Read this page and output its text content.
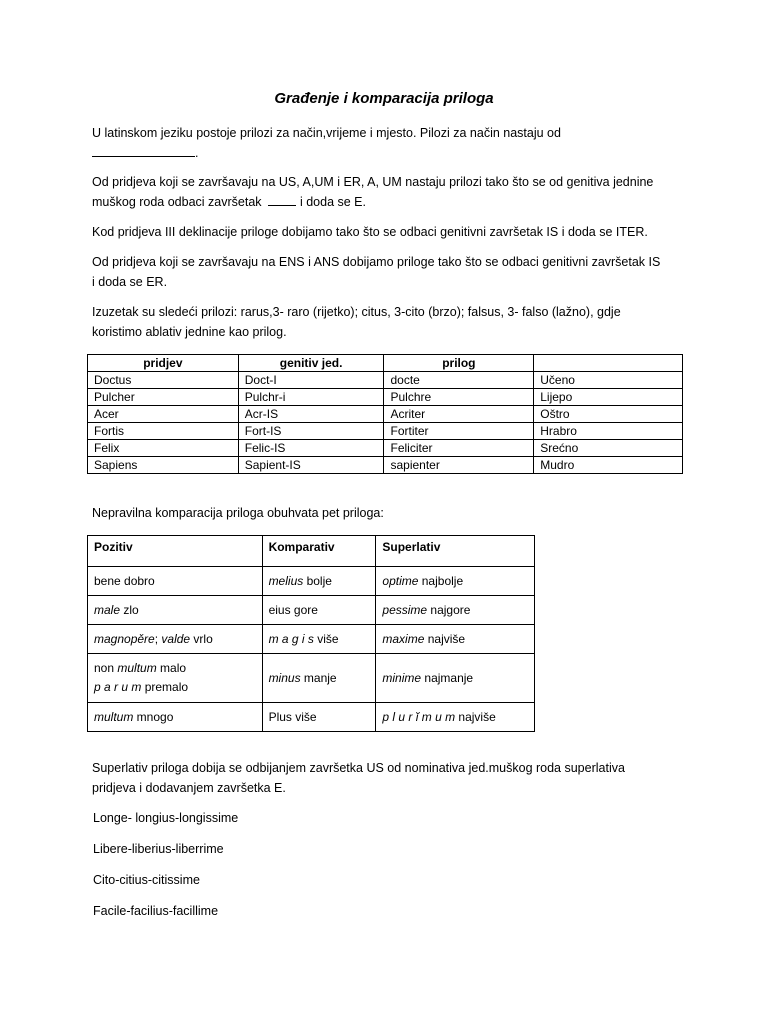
Građenje i komparacija priloga
U latinskom jeziku postoje prilozi za način,vrijeme i mjesto. Pilozi za način nastaju od
.
Od pridjeva koji se završavaju na US, A,UM i ER, A, UM nastaju prilozi tako što se od genitiva jednine
muškog roda odbaci završetak	i doda se E.
Kod pridjeva III deklinacije priloge dobijamo tako što se odbaci genitivni završetak IS i doda se ITER.
Od pridjeva koji se završavaju na ENS i ANS dobijamo priloge tako što se odbaci genitivni završetak IS
i doda se ER.
Izuzetak su sledeći prilozi: rarus,3- raro (rijetko); citus, 3-cito (brzo); falsus, 3- falso (lažno), gdje
koristimo ablativ jednine kao prilog.
pridjev	genitiv jed.	prilog	
Doctus	Doct-I	docte	Učeno
Pulcher	Pulchr-i	Pulchre	Lijepo
Acer	Acr-IS	Acriter	Oštro
Fortis	Fort-IS	Fortiter	Hrabro
Felix	Felic-IS	Feliciter	Srećno
Sapiens	Sapient-IS	sapienter	Mudro
Nepravilna komparacija priloga obuhvata pet priloga:
Pozitiv	Komparativ	Superlativ
bene dobro	melius bolje	optime najbolje
male zlo	eius gore	pessime najgore
magnopěre; valde vrlo	m a g i s više	maxime najviše

non multum malo
p a r u m premalo	minus manje	minime najmanje
multum mnogo	Plus više	p l u r ĭ m u m najviše
Superlativ priloga dobija se odbijanjem završetka US od nominativa jed.muškog roda superlativa
pridjeva i dodavanjem završetka E.
Longe- longius-longissime
Libere-liberius-liberrime
Cito-citius-citissime
Facile-facilius-facillime
